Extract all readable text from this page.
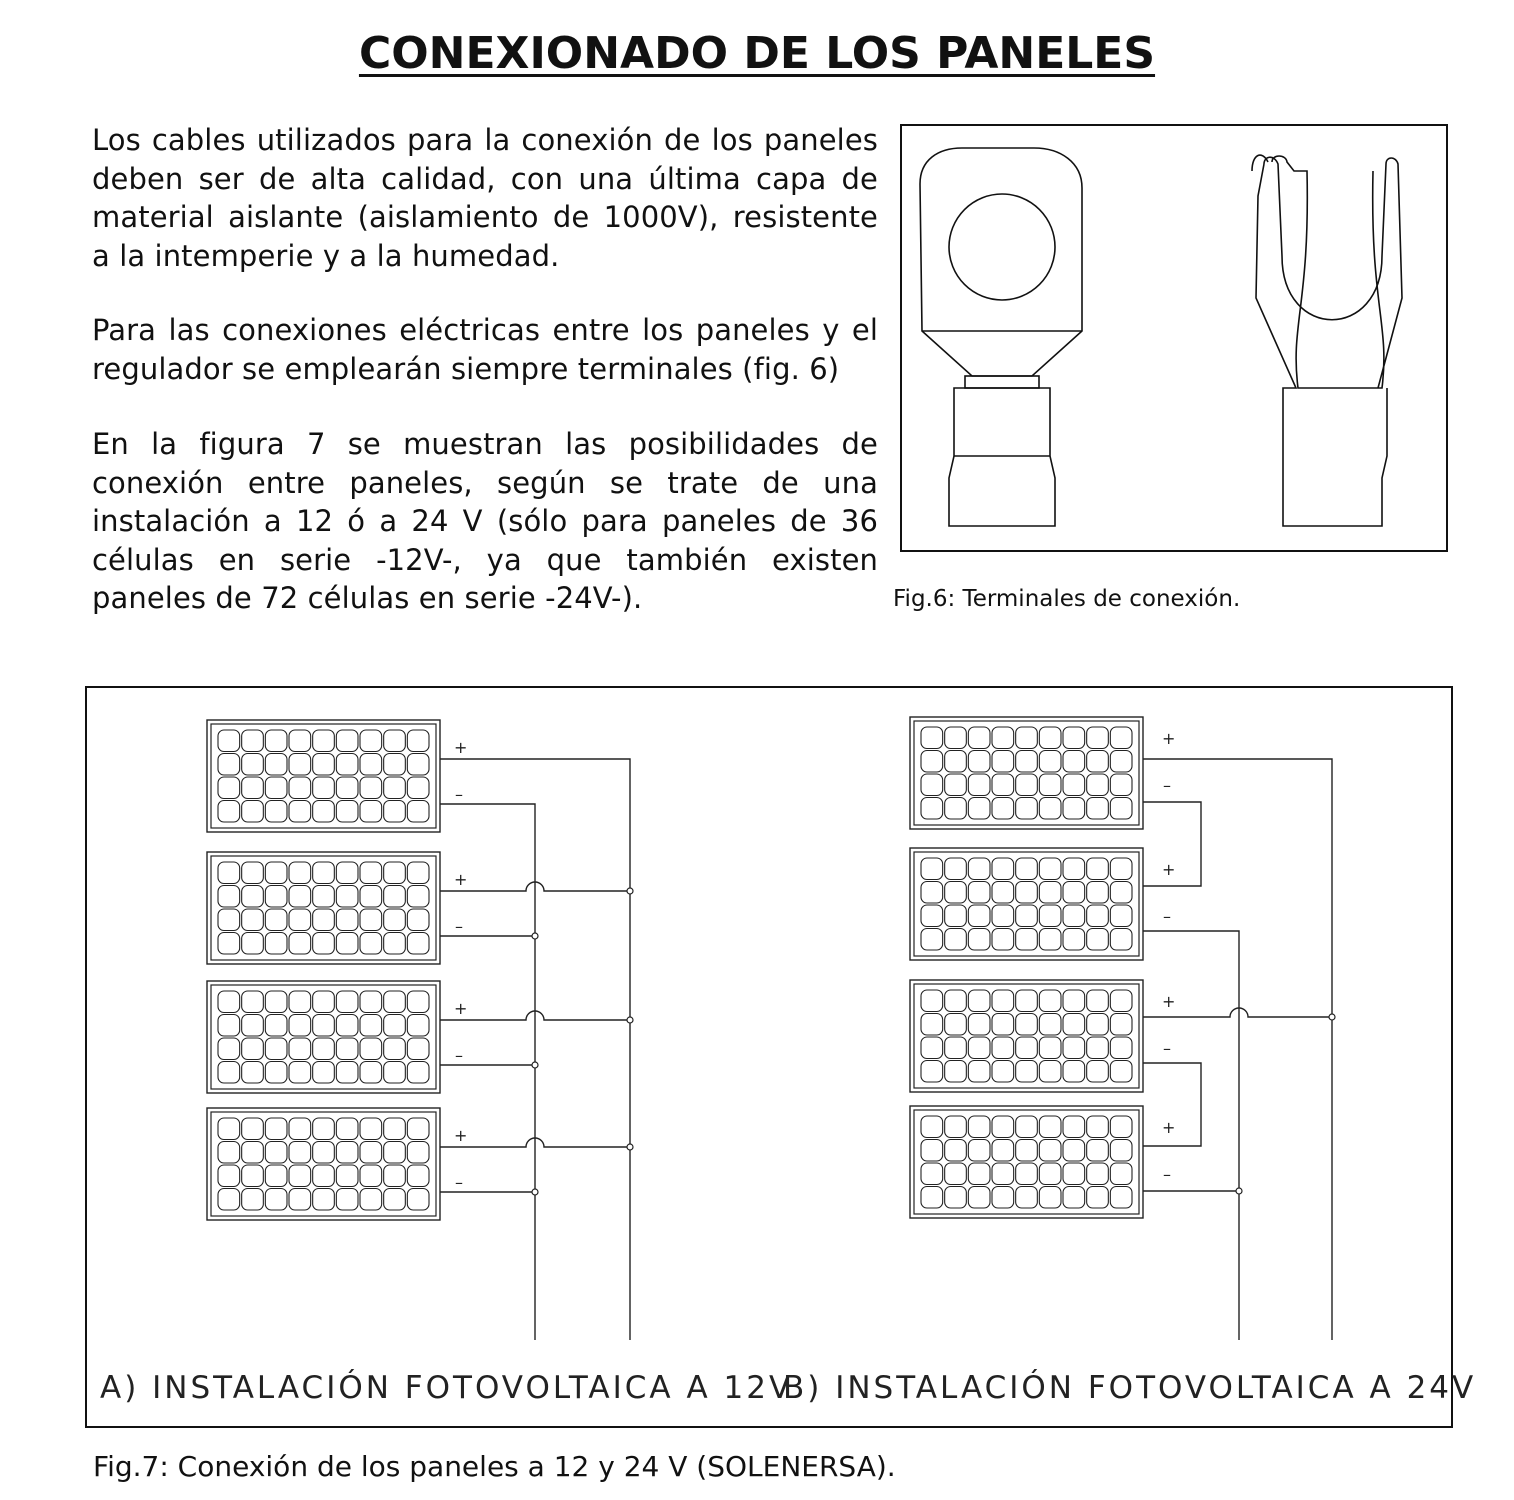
CONEXIONADO DE LOS PANELES

Los cables utilizados para la conexión de los paneles deben ser de alta calidad, con una última capa de material aislante (aislamiento de 1000V), resistente a la intemperie y a la humedad.

Para las conexiones eléctricas entre los paneles y el regulador se emplearán siempre terminales (fig. 6)

En la figura 7 se muestran las posibilidades de conexión entre paneles, según se trate de una instalación a 12 ó a 24 V (sólo para paneles de 36 células en serie -12V-, ya que también existen paneles de 72 células en serie -24V-).	Fig.6: Terminales de conexión.
+
–
+
–
+
–
+
–
+
–
+
–
+
–
+
–
A) INSTALACIÓN FOTOVOLTAICA A 12V
B) INSTALACIÓN FOTOVOLTAICA A 24V
Fig.7: Conexión de los paneles a 12 y 24 V (SOLENERSA).
